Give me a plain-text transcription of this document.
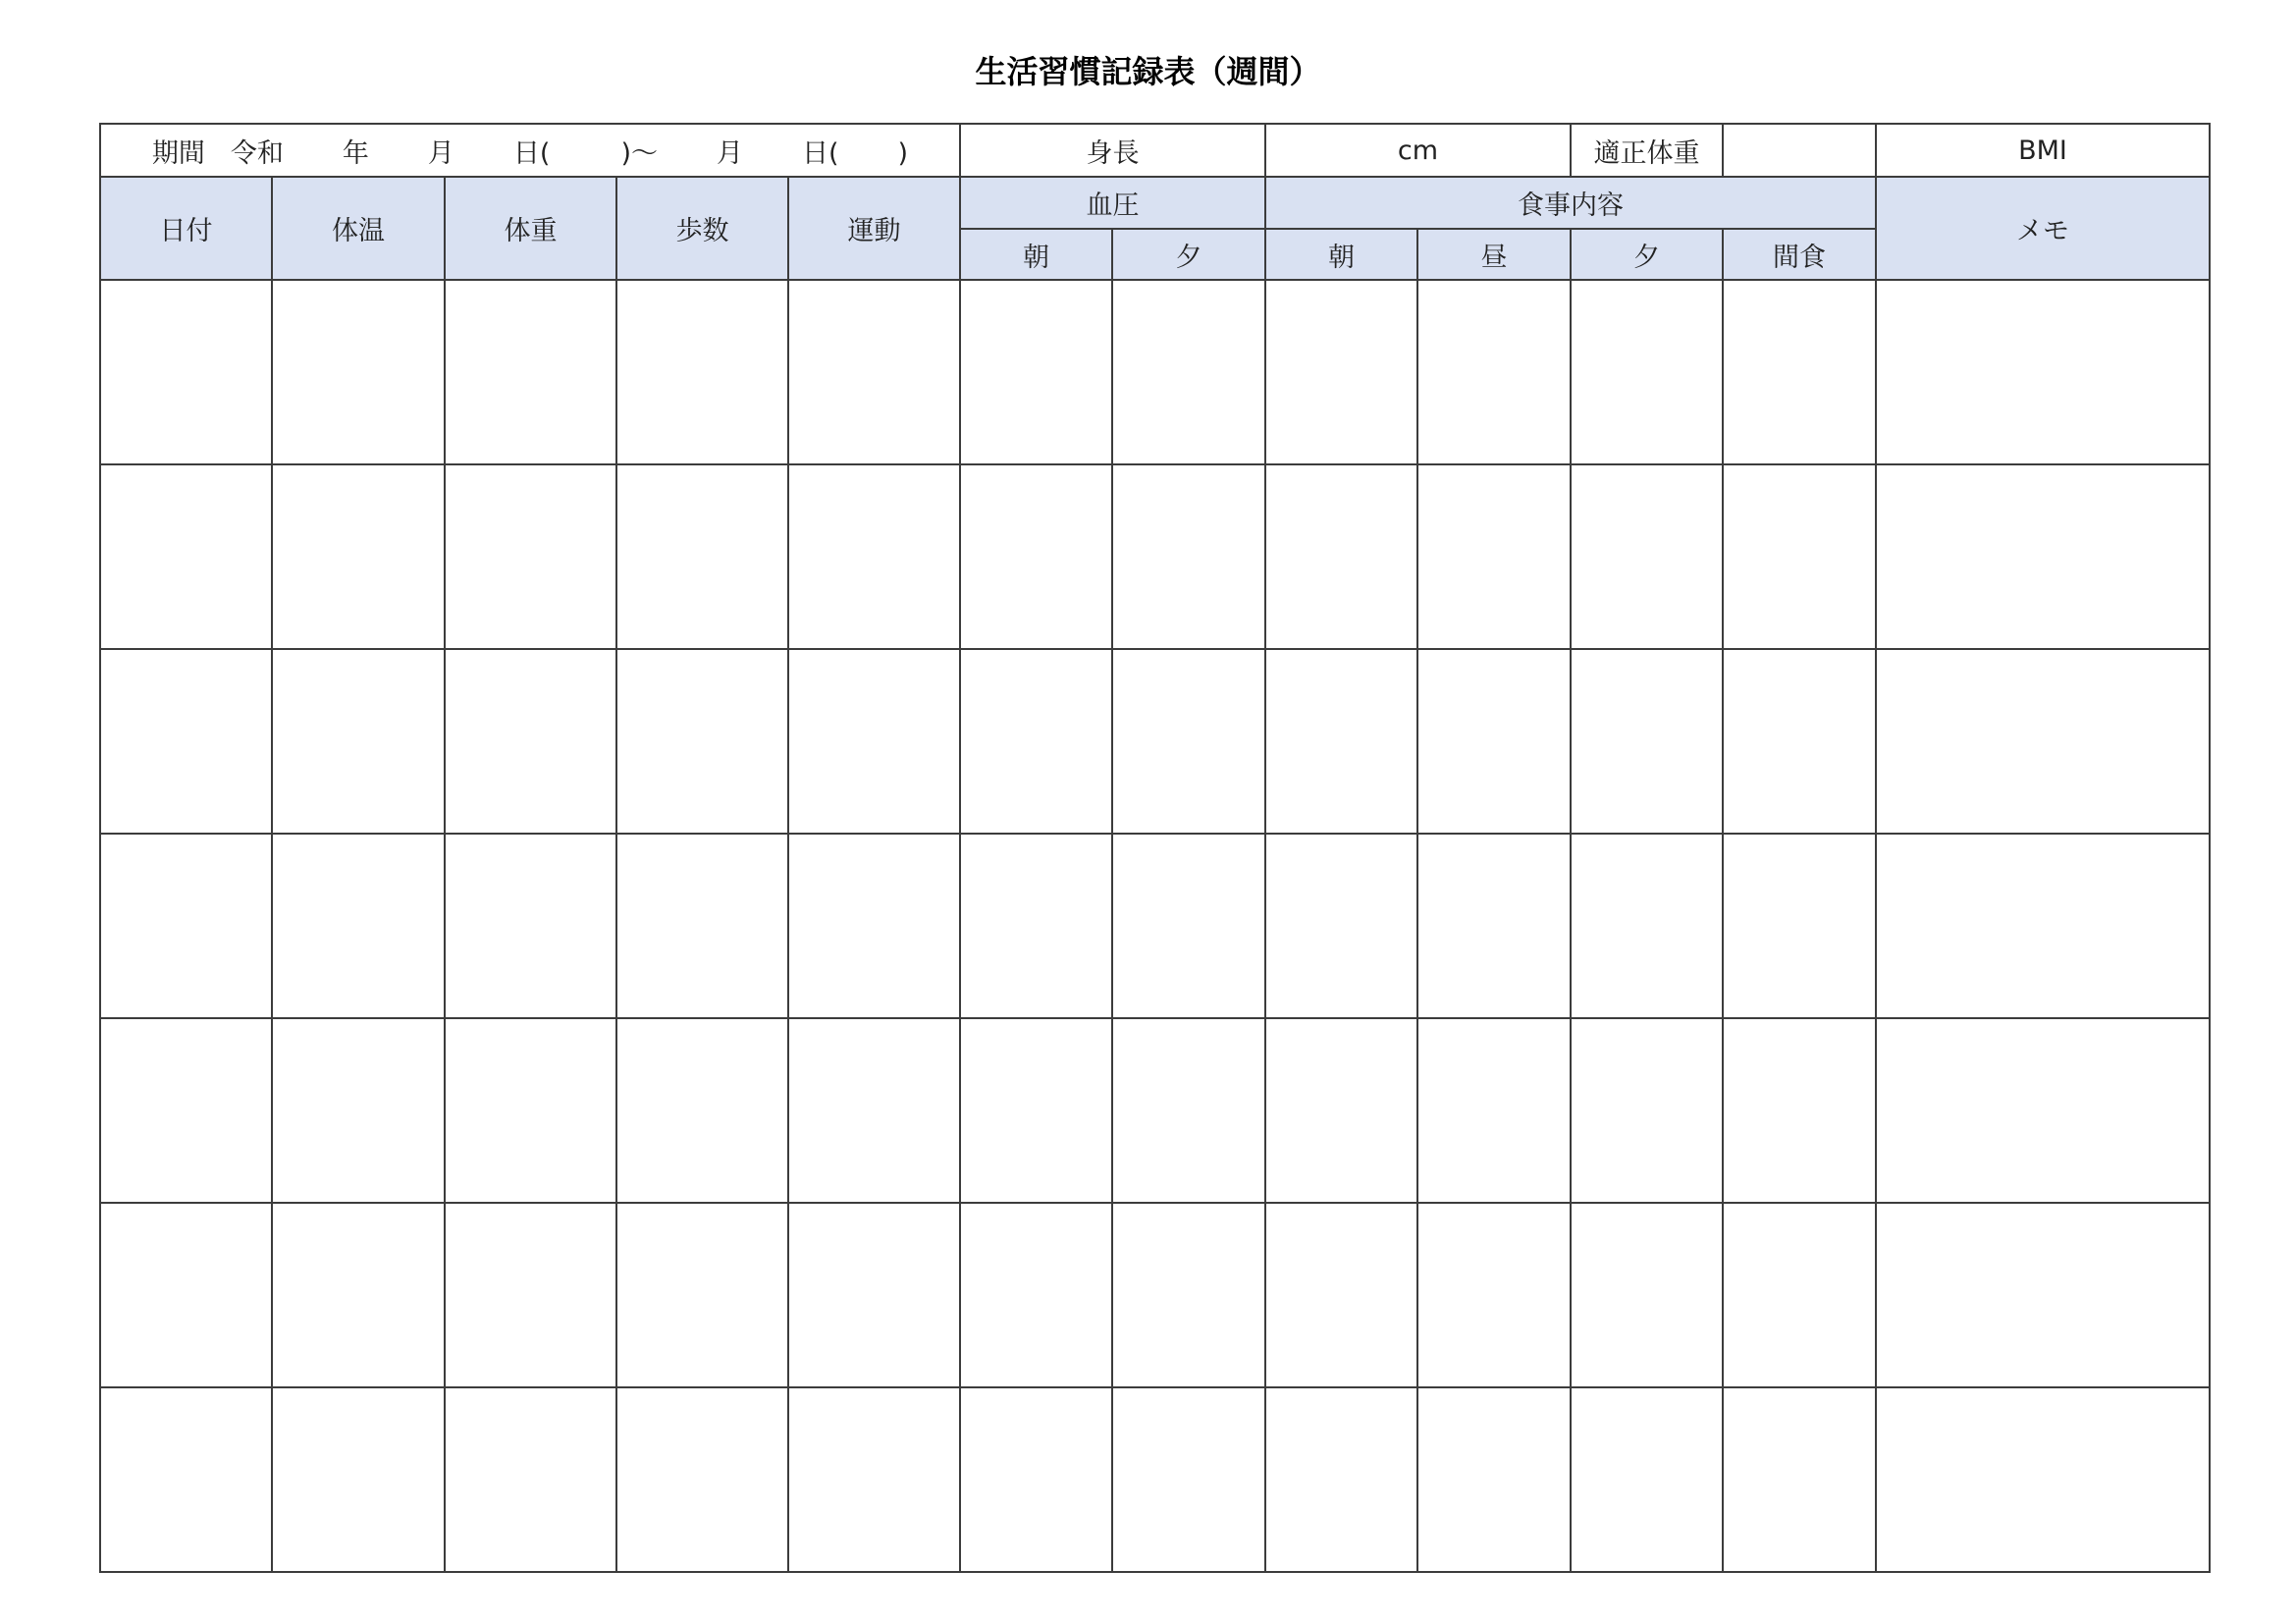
生活習慣記録表（週間）
期間 令和 年 月 日( )〜 月 日( )					身長		cm		適正体重		BMI
日付	体温	体重	歩数	運動	血圧		食事内容				メモ
					朝	夕	朝	昼	夕	間食	
